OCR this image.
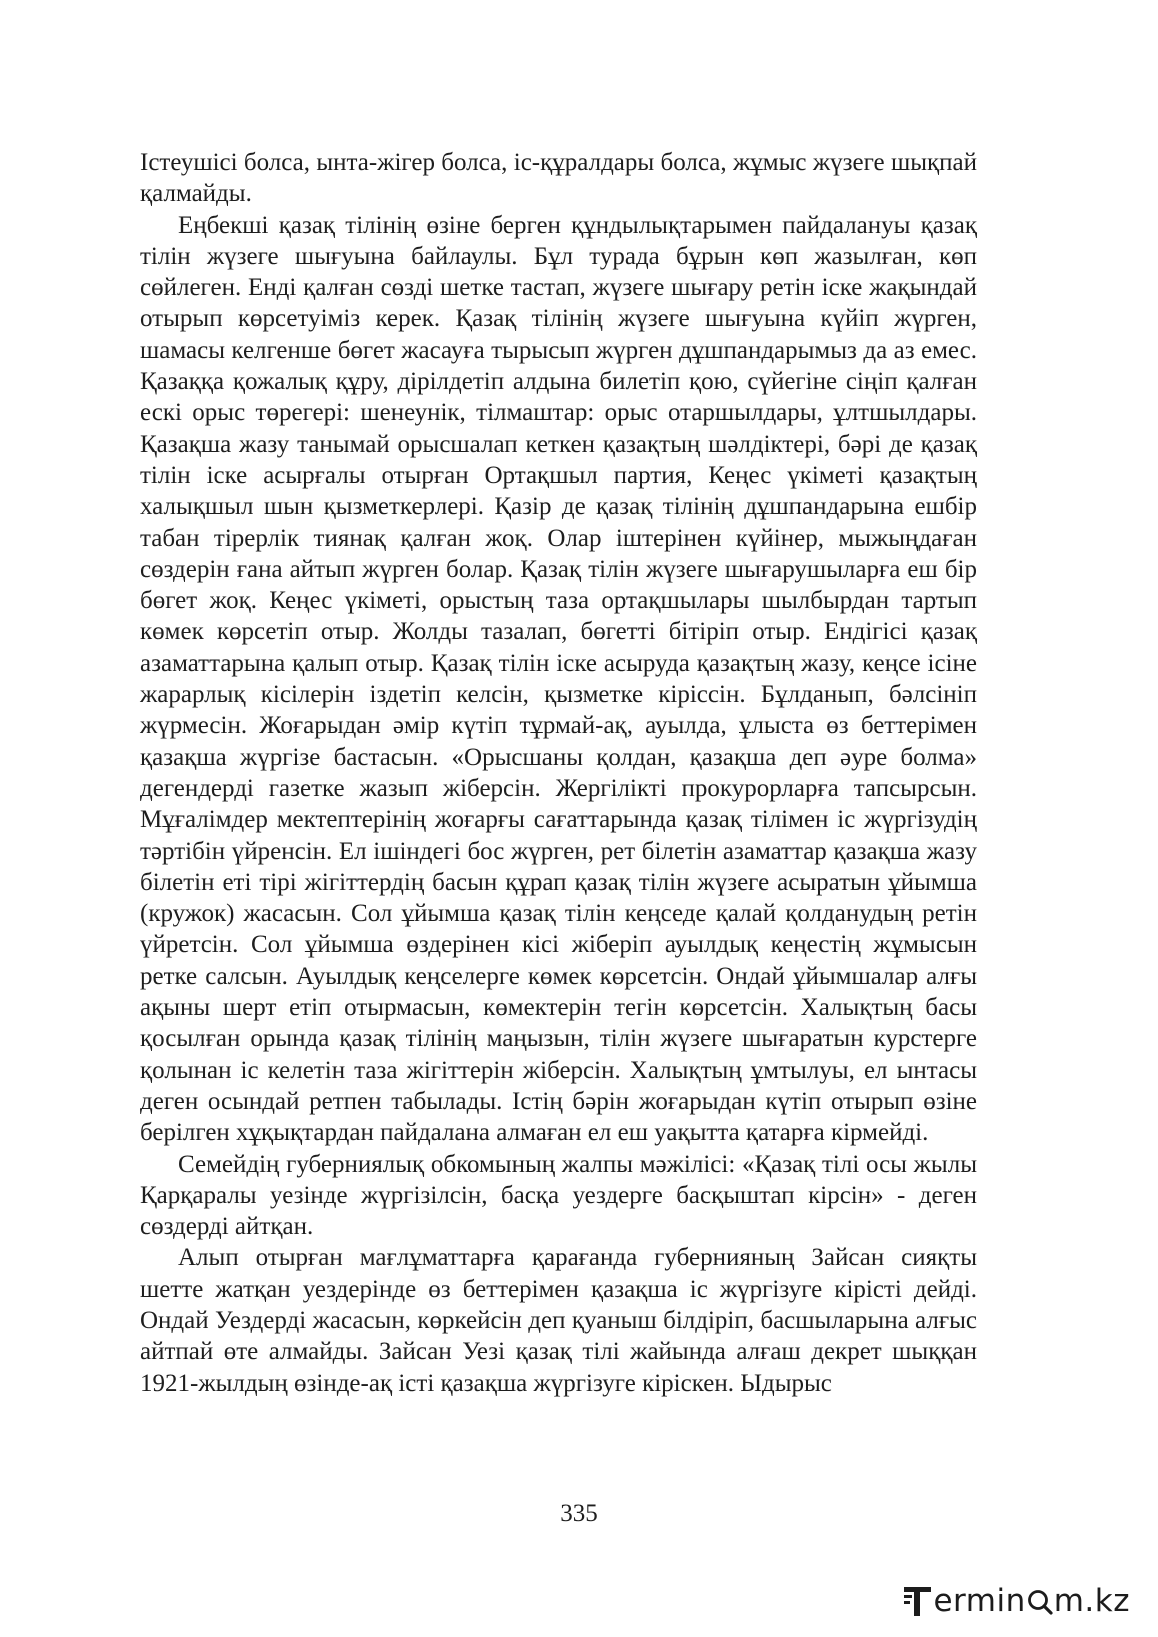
Істеушісі болса, ынта-жігер болса, іс-құралдары болса, жұмыс жүзеге шықпай қалмайды.

Еңбекші қазақ тілінің өзіне берген құндылықтарымен пайдалануы қазақ тілін жүзеге шығуына байлаулы. Бұл турада бұрын көп жазылған, көп сөйлеген. Енді қалған сөзді шетке тастап, жүзеге шығару ретін іске жақындай отырып көрсетуіміз керек. Қазақ тілінің жүзеге шығуына күйіп жүрген, шамасы келгенше бөгет жасауға тырысып жүрген дұшпандарымыз да аз емес. Қазаққа қожалық құру, дірілдетіп алдына билетіп қою, сүйегіне сіңіп қалған ескі орыс төрегері: шенеунік, тілмаштар: орыс отаршылдары, ұлтшылдары. Қазақша жазу танымай орысшалап кеткен қазақтың шәлдіктері, бәрі де қазақ тілін іске асырғалы отырған Ортақшыл партия, Кеңес үкіметі қазақтың халықшыл шын қызметкерлері. Қазір де қазақ тілінің дұшпандарына ешбір табан тірерлік тиянақ қалған жоқ. Олар іштерінен күйінер, мыжыңдаған сөздерін ғана айтып жүрген болар. Қазақ тілін жүзеге шығарушыларға еш бір бөгет жоқ. Кеңес үкіметі, орыстың таза ортақшылары шылбырдан тартып көмек көрсетіп отыр. Жолды тазалап, бөгетті бітіріп отыр. Ендігісі қазақ азаматтарына қалып отыр. Қазақ тілін іске асыруда қазақтың жазу, кеңсе ісіне жарарлық кісілерін іздетіп келсін, қызметке кіріссін. Бұлданып, бәлсініп жүрмесін. Жоғарыдан әмір күтіп тұрмай-ақ, ауылда, ұлыста өз беттерімен қазақша жүргізе бастасын. «Орысшаны қолдан, қазақша деп әуре болма» дегендерді газетке жазып жіберсін. Жергілікті прокурорларға тапсырсын. Мұғалімдер мектептерінің жоғарғы сағаттарында қазақ тілімен іс жүргізудің тәртібін үйренсін. Ел ішіндегі бос жүрген, рет білетін азаматтар қазақша жазу білетін еті тірі жігіттердің басын құрап қазақ тілін жүзеге асыратын ұйымша (кружок) жасасын. Сол ұйымша қазақ тілін кеңседе қалай қолданудың ретін үйретсін. Сол ұйымша өздерінен кісі жіберіп ауылдық кеңестің жұмысын ретке салсын. Ауылдық кеңселерге көмек көрсетсін. Ондай ұйымшалар алғы ақыны шерт етіп отырмасын, көмектерін тегін көрсетсін. Халықтың басы қосылған орында қазақ тілінің маңызын, тілін жүзеге шығаратын курстерге қолынан іс келетін таза жігіттерін жіберсін. Халықтың ұмтылуы, ел ынтасы деген осындай ретпен табылады. Істің бәрін жоғарыдан күтіп отырып өзіне берілген хұқықтардан пайдалана алмаған ел еш уақытта қатарға кірмейді.

Семейдің губерниялық обкомының жалпы мәжілісі: «Қазақ тілі осы жылы Қарқаралы уезінде жүргізілсін, басқа уездерге басқыштап кірсін» - деген сөздерді айтқан.

Алып отырған мағлұматтарға қарағанда губернияның Зайсан сияқты шетте жатқан уездерінде өз беттерімен қазақша іс жүргізуге кірісті дейді. Ондай Уездерді жасасын, көркейсін деп қуаныш білдіріп, басшыларына алғыс айтпай өте алмайды. Зайсан Уезі қазақ тілі жайында алғаш декрет шыққан 1921-жылдың өзінде-ақ істі қазақша жүргізуге кіріскен. Ыдырыс

335
ermin m.kz
